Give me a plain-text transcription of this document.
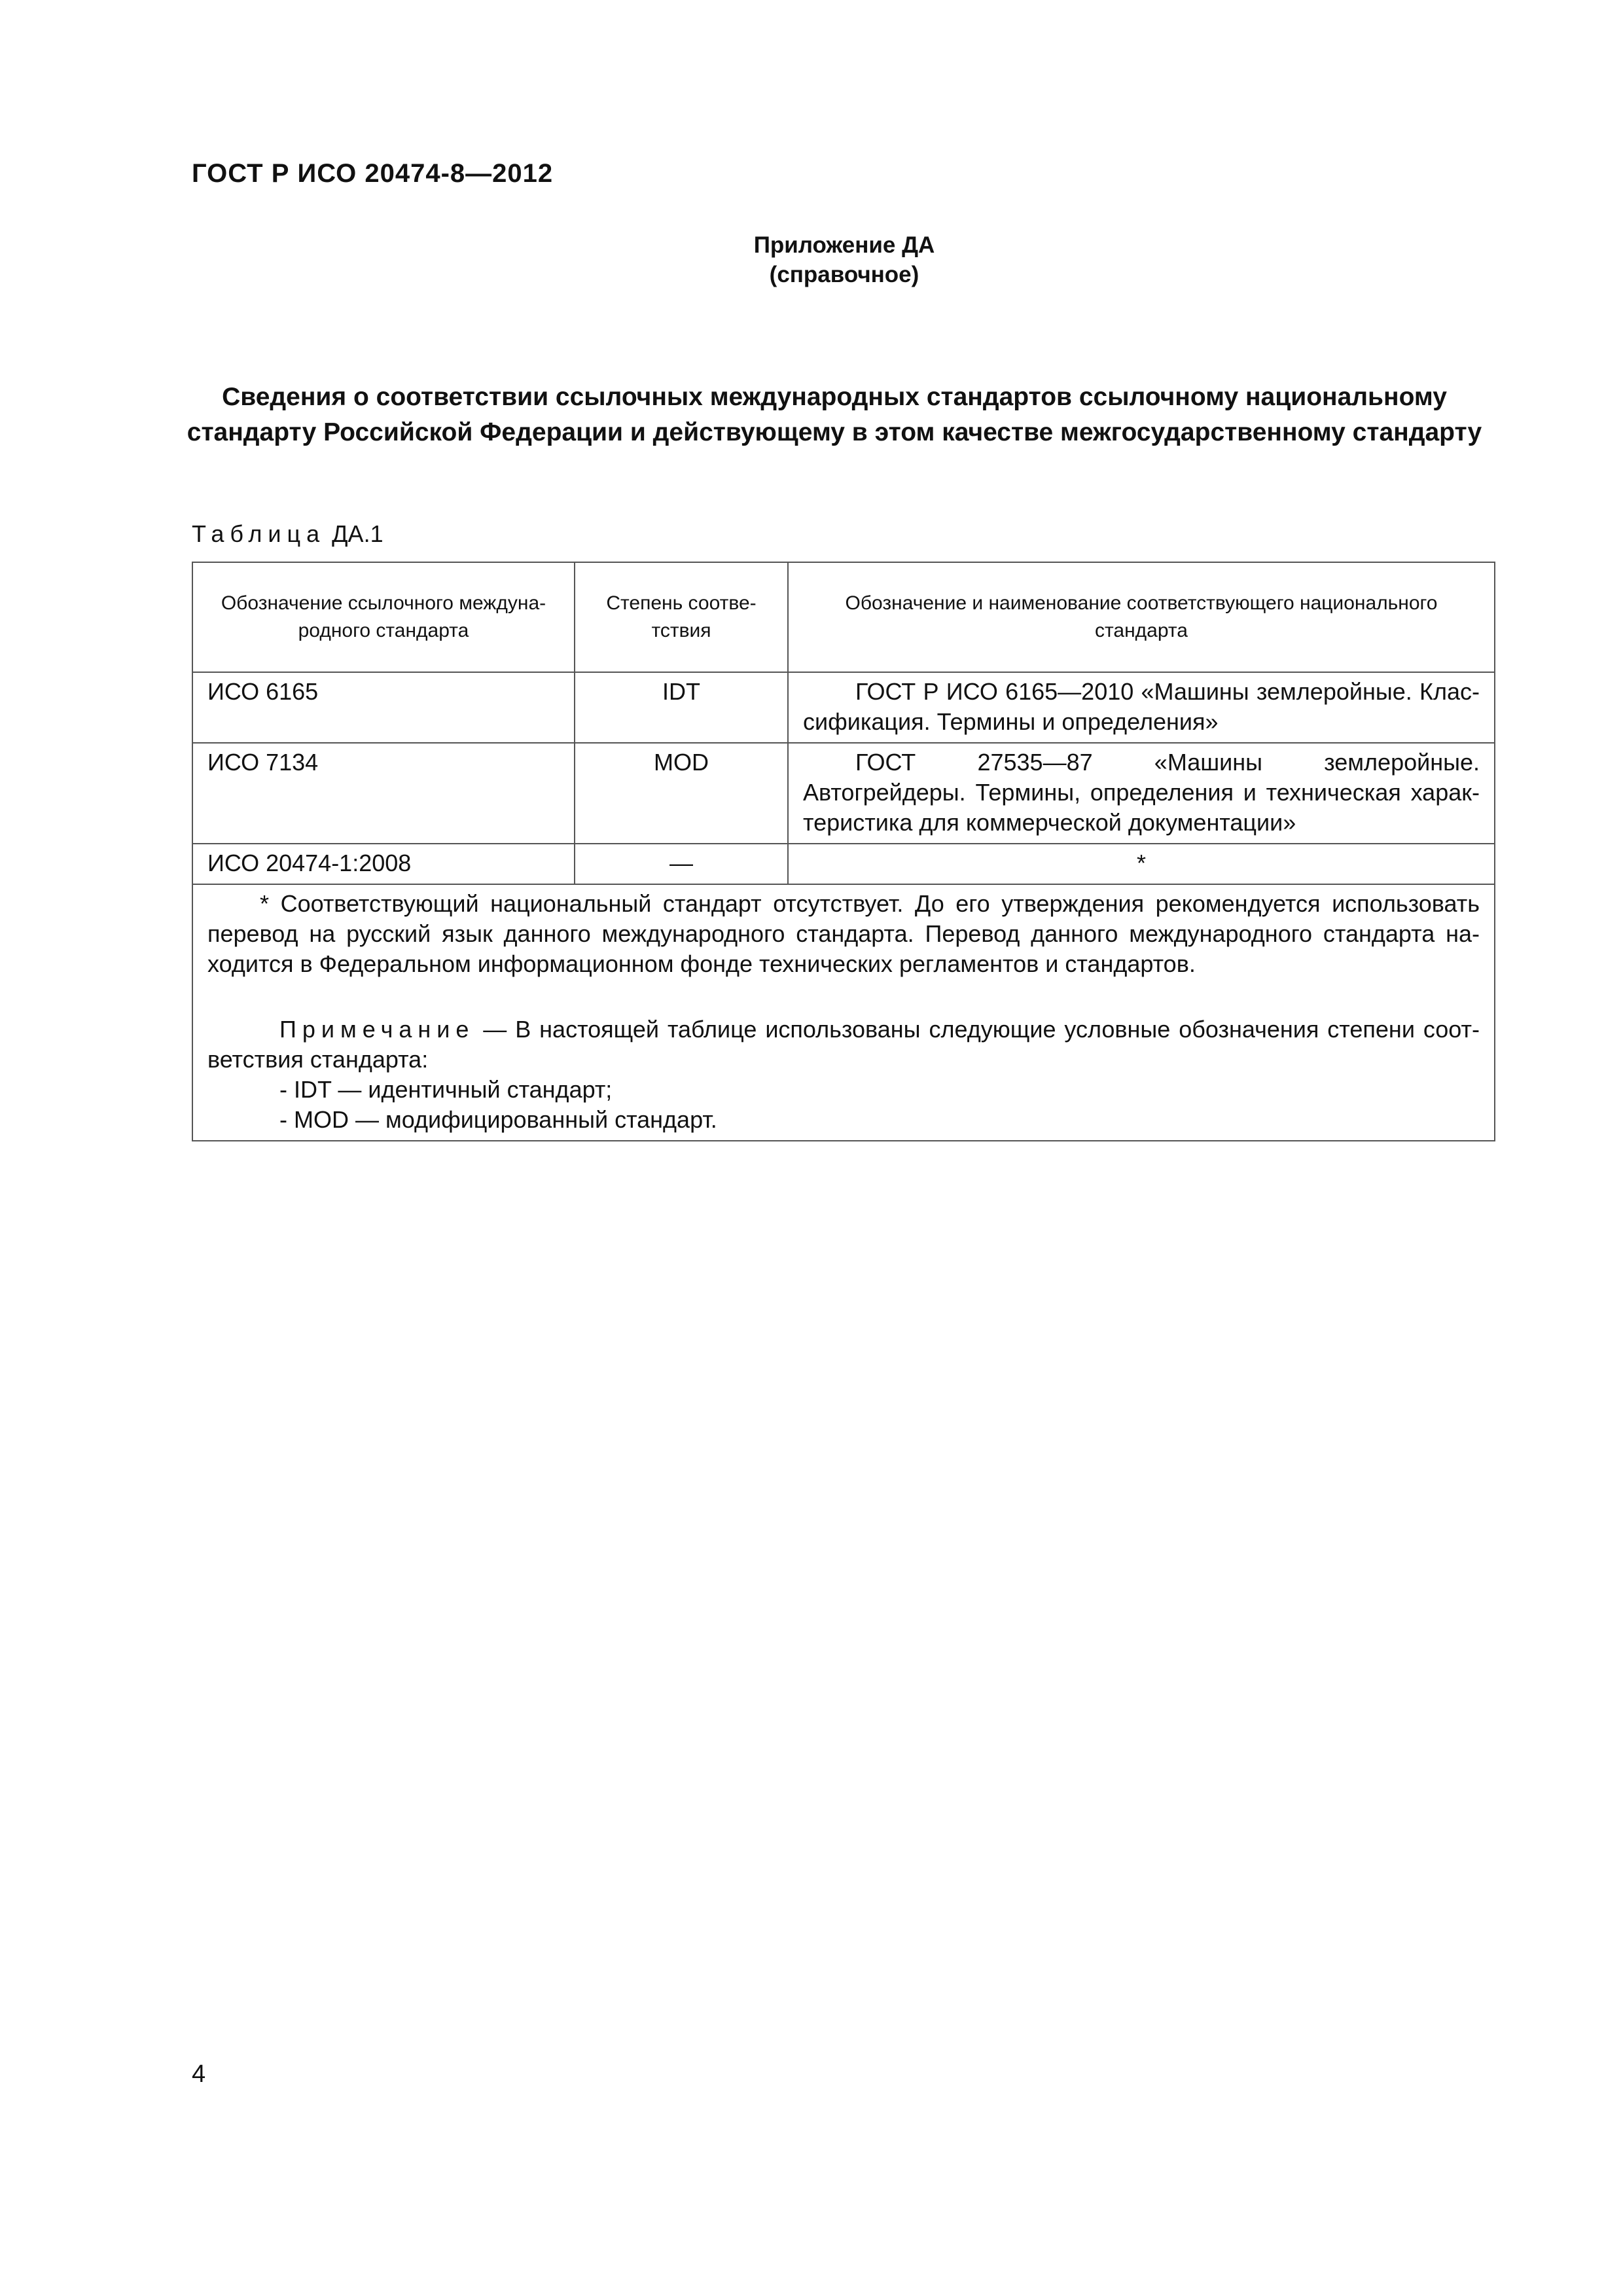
ГОСТ Р ИСО 20474-8—2012
Приложение ДА
(справочное)
Сведения о соответствии ссылочных международных стандартов ссылочному национальному стандарту Российской Федерации и действующему в этом качестве межгосударственному стандарту
Таблица ДА.1
Обозначение ссылочного международного стандарта	Степень соответствия	Обозначение и наименование соответствующего национального стандарта
ИСО 6165	IDT	ГОСТ Р ИСО 6165—2010 «Машины землеройные. Классификация. Термины и определения»
ИСО 7134	MOD	ГОСТ 27535—87 «Машины землеройные. Автогрейдеры. Термины, определения и техническая характеристика для коммерческой документации»
ИСО 20474-1:2008	—	*

* Соответствующий национальный стандарт отсутствует. До его утверждения рекомендуется использовать перевод на русский язык данного международного стандарта. Перевод данного международного стандарта находится в Федеральном информационном фонде технических регламентов и стандартов.

Примечание — В настоящей таблице использованы следующие условные обозначения степени соответствия стандарта:

- IDT — идентичный стандарт;

- MOD — модифицированный стандарт.		

4
